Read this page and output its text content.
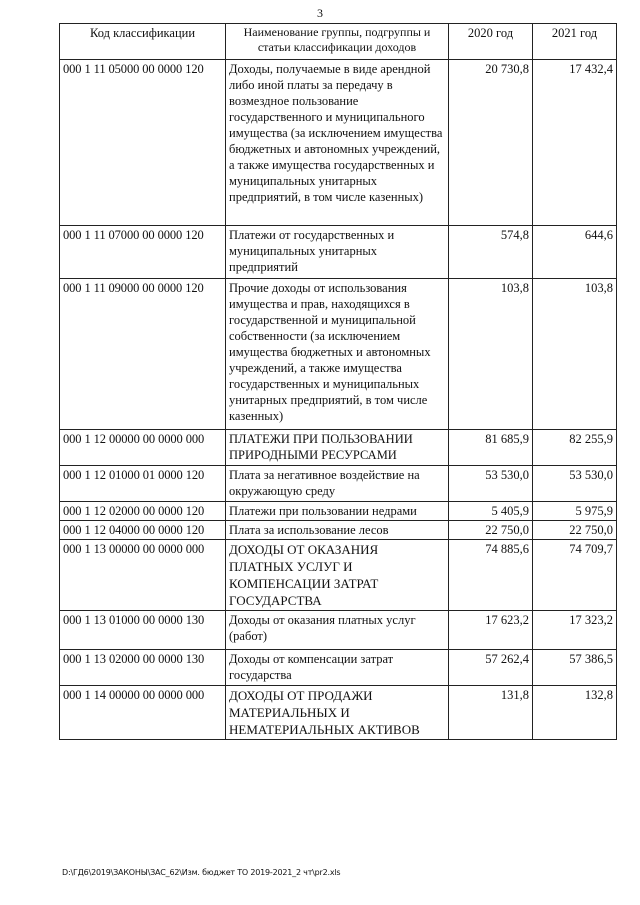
3
Код классификации	Наименование группы, подгруппы и статьи классификации доходов	2020 год	2021 год
000 1 11 05000 00 0000 120	Доходы, получаемые в виде арендной либо иной платы за передачу в возмездное пользование государственного и муниципального имущества (за исключением имущества бюджетных и автономных учреждений, а также имущества государственных и муниципальных унитарных предприятий, в том числе казенных)	20 730,8	17 432,4
000 1 11 07000 00 0000 120	Платежи от государственных и муниципальных унитарных предприятий	574,8	644,6
000 1 11 09000 00 0000 120	Прочие доходы от использования имущества и прав, находящихся в государственной и муниципальной собственности (за исключением имущества бюджетных и автономных учреждений, а также имущества государственных и муниципальных унитарных предприятий, в том числе казенных)	103,8	103,8
000 1 12 00000 00 0000 000	ПЛАТЕЖИ ПРИ ПОЛЬЗОВАНИИ ПРИРОДНЫМИ РЕСУРСАМИ	81 685,9	82 255,9
000 1 12 01000 01 0000 120	Плата за негативное воздействие на окружающую среду	53 530,0	53 530,0
000 1 12 02000 00 0000 120	Платежи при пользовании недрами	5 405,9	5 975,9
000 1 12 04000 00 0000 120	Плата за использование лесов	22 750,0	22 750,0
000 1 13 00000 00 0000 000	ДОХОДЫ ОТ ОКАЗАНИЯ ПЛАТНЫХ УСЛУГ И КОМПЕНСАЦИИ ЗАТРАТ ГОСУДАРСТВА	74 885,6	74 709,7
000 1 13 01000 00 0000 130	Доходы от оказания платных услуг (работ)	17 623,2	17 323,2
000 1 13 02000 00 0000 130	Доходы от компенсации затрат государства	57 262,4	57 386,5
000 1 14 00000 00 0000 000	ДОХОДЫ ОТ ПРОДАЖИ МАТЕРИАЛЬНЫХ И НЕМАТЕРИАЛЬНЫХ АКТИВОВ	131,8	132,8
D:\ГД6\2019\ЗАКОНЫ\ЗАС_62\Изм. бюджет ТО 2019-2021_2 чт\pr2.xls
